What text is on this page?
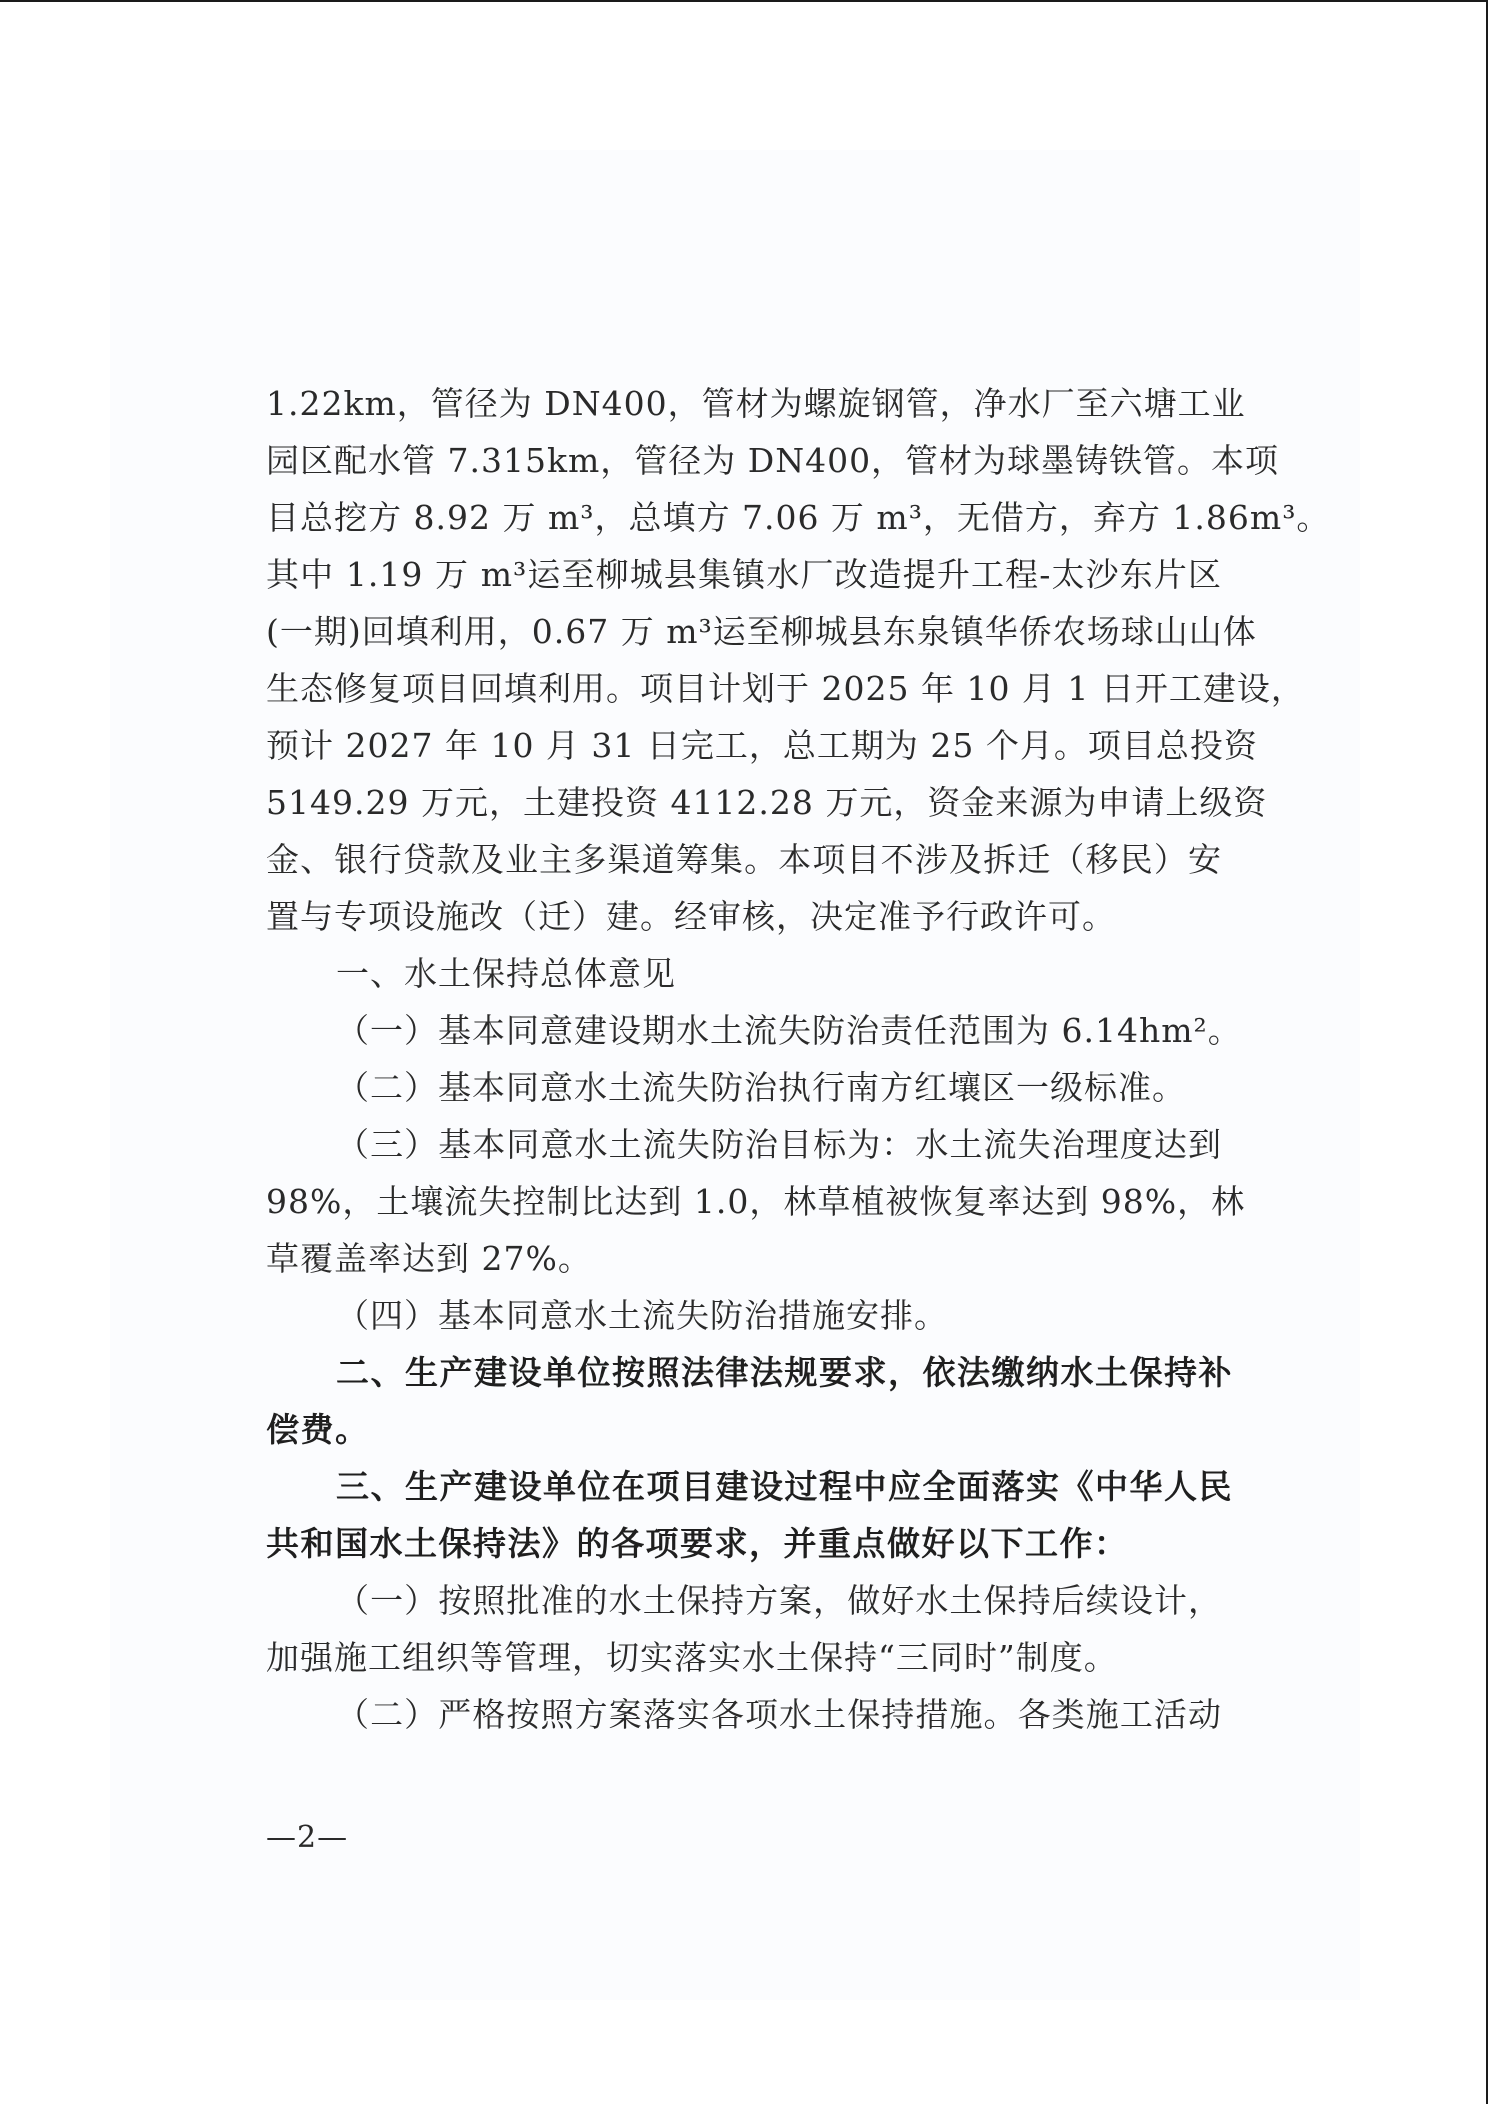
1.22km，管径为 DN400，管材为螺旋钢管，净水厂至六塘工业

园区配水管 7.315km，管径为 DN400，管材为球墨铸铁管。本项

目总挖方 8.92 万 m³，总填方 7.06 万 m³，无借方，弃方 1.86m³。

其中 1.19 万 m³运至柳城县集镇水厂改造提升工程-太沙东片区

(一期)回填利用，0.67 万 m³运至柳城县东泉镇华侨农场球山山体

生态修复项目回填利用。项目计划于 2025 年 10 月 1 日开工建设，

预计 2027 年 10 月 31 日完工，总工期为 25 个月。项目总投资

5149.29 万元，土建投资 4112.28 万元，资金来源为申请上级资

金、银行贷款及业主多渠道筹集。本项目不涉及拆迁（移民）安

置与专项设施改（迁）建。经审核，决定准予行政许可。

一、水土保持总体意见

（一）基本同意建设期水土流失防治责任范围为 6.14hm²。

（二）基本同意水土流失防治执行南方红壤区一级标准。

（三）基本同意水土流失防治目标为：水土流失治理度达到

98%，土壤流失控制比达到 1.0，林草植被恢复率达到 98%，林

草覆盖率达到 27%。

（四）基本同意水土流失防治措施安排。

二、生产建设单位按照法律法规要求，依法缴纳水土保持补

偿费。

三、生产建设单位在项目建设过程中应全面落实《中华人民

共和国水土保持法》的各项要求，并重点做好以下工作：

（一）按照批准的水土保持方案，做好水土保持后续设计，

加强施工组织等管理，切实落实水土保持“三同时”制度。

（二）严格按照方案落实各项水土保持措施。各类施工活动

—2—
